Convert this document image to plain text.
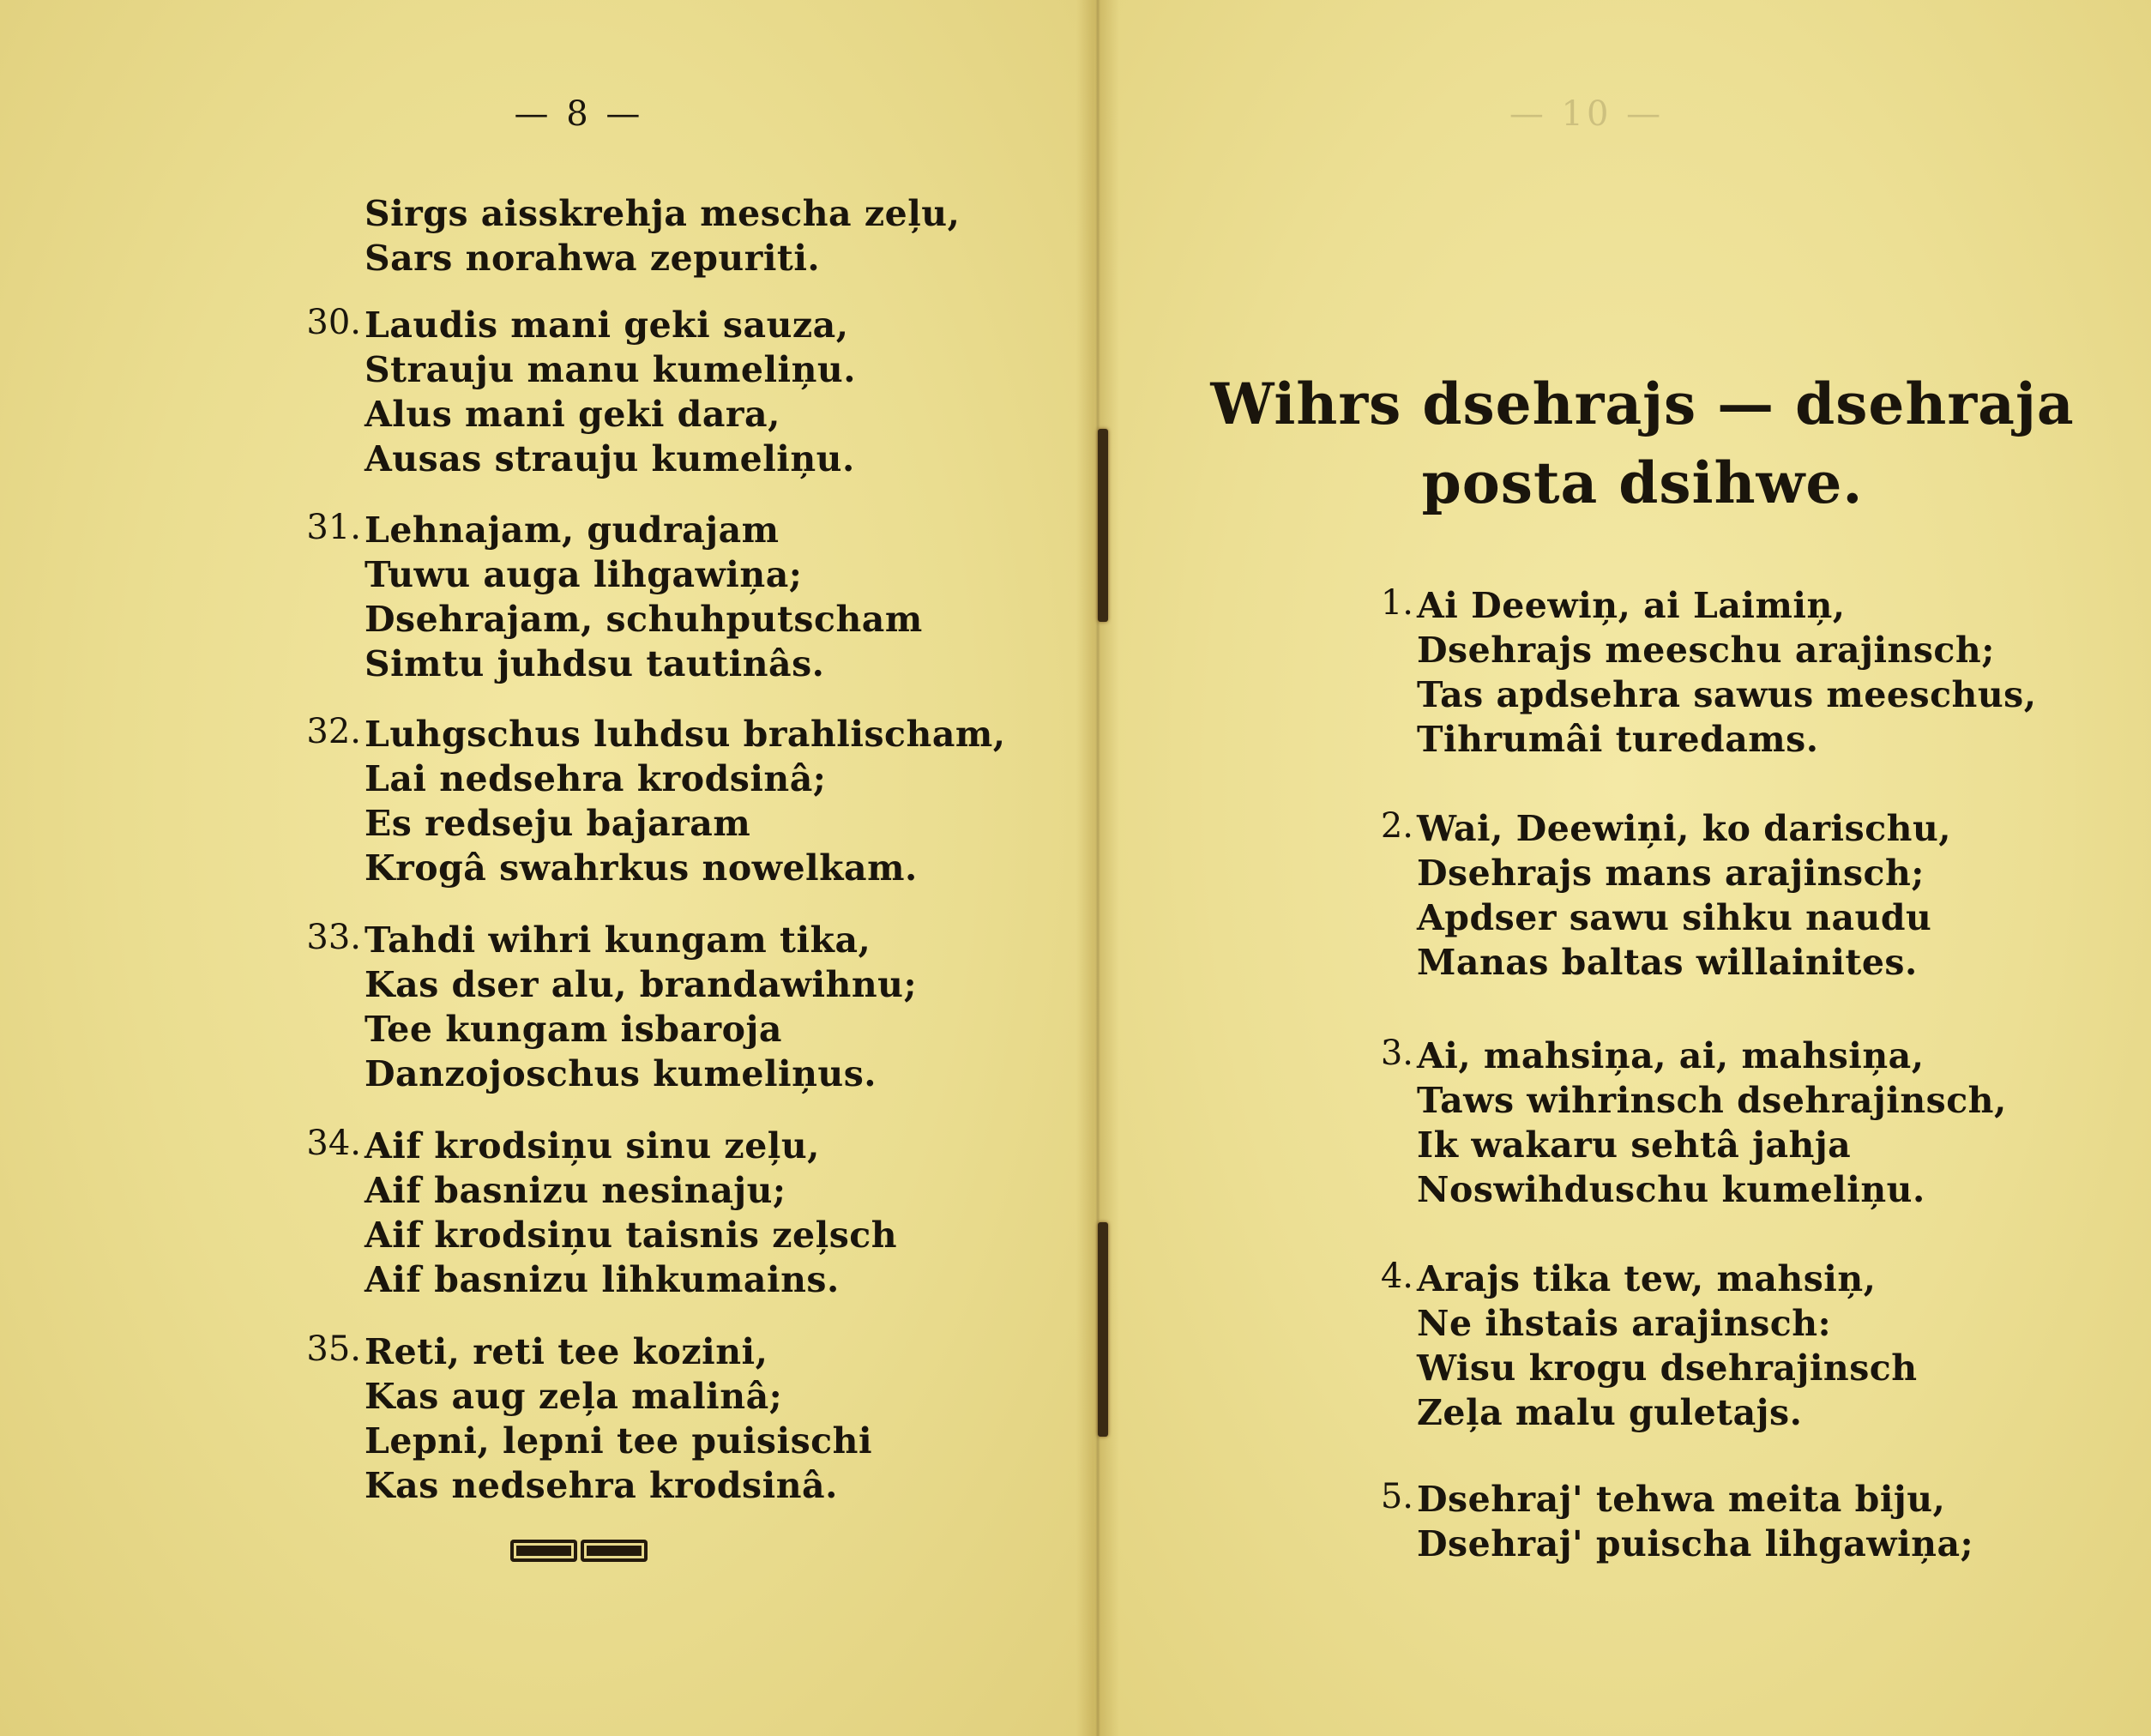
— 8 —
Sirgs aisskrehja mescha zeļu,
Sars norahwa zepuriti.
30. Laudis mani geki sauza,
Strauju manu kumeliņu.
Alus mani geki dara,
Ausas strauju kumeliņu.
31. Lehnajam, gudrajam
Tuwu auga lihgawiņa;
Dsehrajam, schuhputscham
Simtu juhdsu tautinâs.
32. Luhgschus luhdsu brahlischam,
Lai nedsehra krodsinâ;
Es redseju bajaram
Krogâ swahrkus nowelkam.
33. Tahdi wihri kungam tika,
Kas dser alu, brandawihnu;
Tee kungam isbaroja
Danzojoschus kumeliņus.
34. Aif krodsiņu sinu zeļu,
Aif basnizu nesinaju;
Aif krodsiņu taisnis zeļsch
Aif basnizu lihkumains.
35. Reti, reti tee kozini,
Kas aug zeļa malinâ;
Lepni, lepni tee puisischi
Kas nedsehra krodsinâ.
— 10 —
Wihrs dsehrajs — dsehraja posta dsihwe.
1. Ai Deewiņ, ai Laimiņ,
Dsehrajs meeschu arajinsch;
Tas apdsehra sawus meeschus,
Tihrumâi turedams.
2. Wai, Deewiņi, ko darischu,
Dsehrajs mans arajinsch;
Apdser sawu sihku naudu
Manas baltas willainites.
3. Ai, mahsiņa, ai, mahsiņa,
Taws wihrinsch dsehrajinsch,
Ik wakaru sehtâ jahja
Noswihduschu kumeliņu.
4. Arajs tika tew, mahsiņ,
Ne ihstais arajinsch:
Wisu krogu dsehrajinsch
Zeļa malu guletajs.
5. Dsehraj' tehwa meita biju,
Dsehraj' puischa lihgawiņa;
